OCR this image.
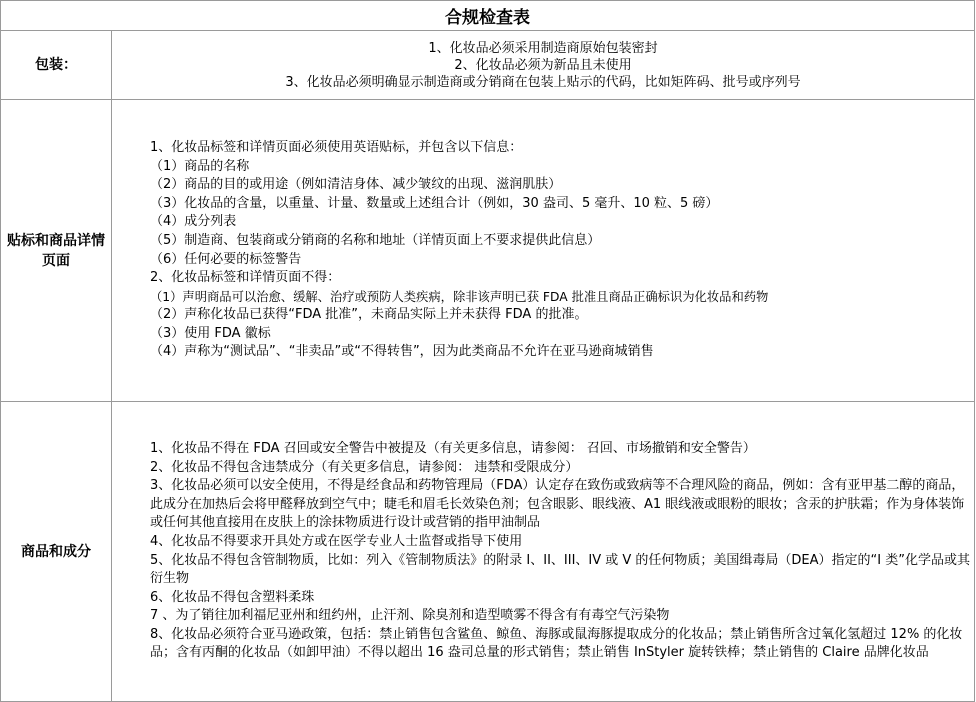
合规检查表
包装：
1、化妆品必须采用制造商原始包装密封
2、化妆品必须为新品且未使用
3、化妆品必须明确显示制造商或分销商在包装上贴示的代码，比如矩阵码、批号或序列号
贴标和商品详情页面
1、化妆品标签和详情页面必须使用英语贴标，并包含以下信息：
（1）商品的名称
（2）商品的目的或用途（例如清洁身体、减少皱纹的出现、滋润肌肤）
（3）化妆品的含量，以重量、计量、数量或上述组合计（例如，30 盎司、5 毫升、10 粒、5 磅）
（4）成分列表
（5）制造商、包装商或分销商的名称和地址（详情页面上不要求提供此信息）
（6）任何必要的标签警告
2、化妆品标签和详情页面不得：
（1）声明商品可以治愈、缓解、治疗或预防人类疾病，除非该声明已获 FDA 批准且商品正确标识为化妆品和药物
（2）声称化妆品已获得“FDA 批准”，未商品实际上并未获得 FDA 的批准。
（3）使用 FDA 徽标
（4）声称为“测试品”、“非卖品”或“不得转售”，因为此类商品不允许在亚马逊商城销售
商品和成分
1、化妆品不得在 FDA 召回或安全警告中被提及（有关更多信息，请参阅： 召回、市场撤销和安全警告）
2、化妆品不得包含违禁成分（有关更多信息，请参阅： 违禁和受限成分）
3、化妆品必须可以安全使用，不得是经食品和药物管理局（FDA）认定存在致伤或致病等不合理风险的商品，例如：含有亚甲基二醇的商品，此成分在加热后会将甲醛释放到空气中；睫毛和眉毛长效染色剂；包含眼影、眼线液、A1 眼线液或眼粉的眼妆；含汞的护肤霜；作为身体装饰或任何其他直接用在皮肤上的涂抹物质进行设计或营销的指甲油制品
4、化妆品不得要求开具处方或在医学专业人士监督或指导下使用
5、化妆品不得包含管制物质，比如：列入《管制物质法》的附录 I、II、III、IV 或 V 的任何物质；美国缉毒局（DEA）指定的“I 类”化学品或其衍生物
6、化妆品不得包含塑料柔珠
7 、为了销往加利福尼亚州和纽约州，止汗剂、除臭剂和造型喷雾不得含有有毒空气污染物
8、化妆品必须符合亚马逊政策，包括：禁止销售包含鲨鱼、鲸鱼、海豚或鼠海豚提取成分的化妆品；禁止销售所含过氧化氢超过 12% 的化妆品；含有丙酮的化妆品（如卸甲油）不得以超出 16 盎司总量的形式销售；禁止销售 InStyler 旋转铁棒；禁止销售的 Claire 品牌化妆品
